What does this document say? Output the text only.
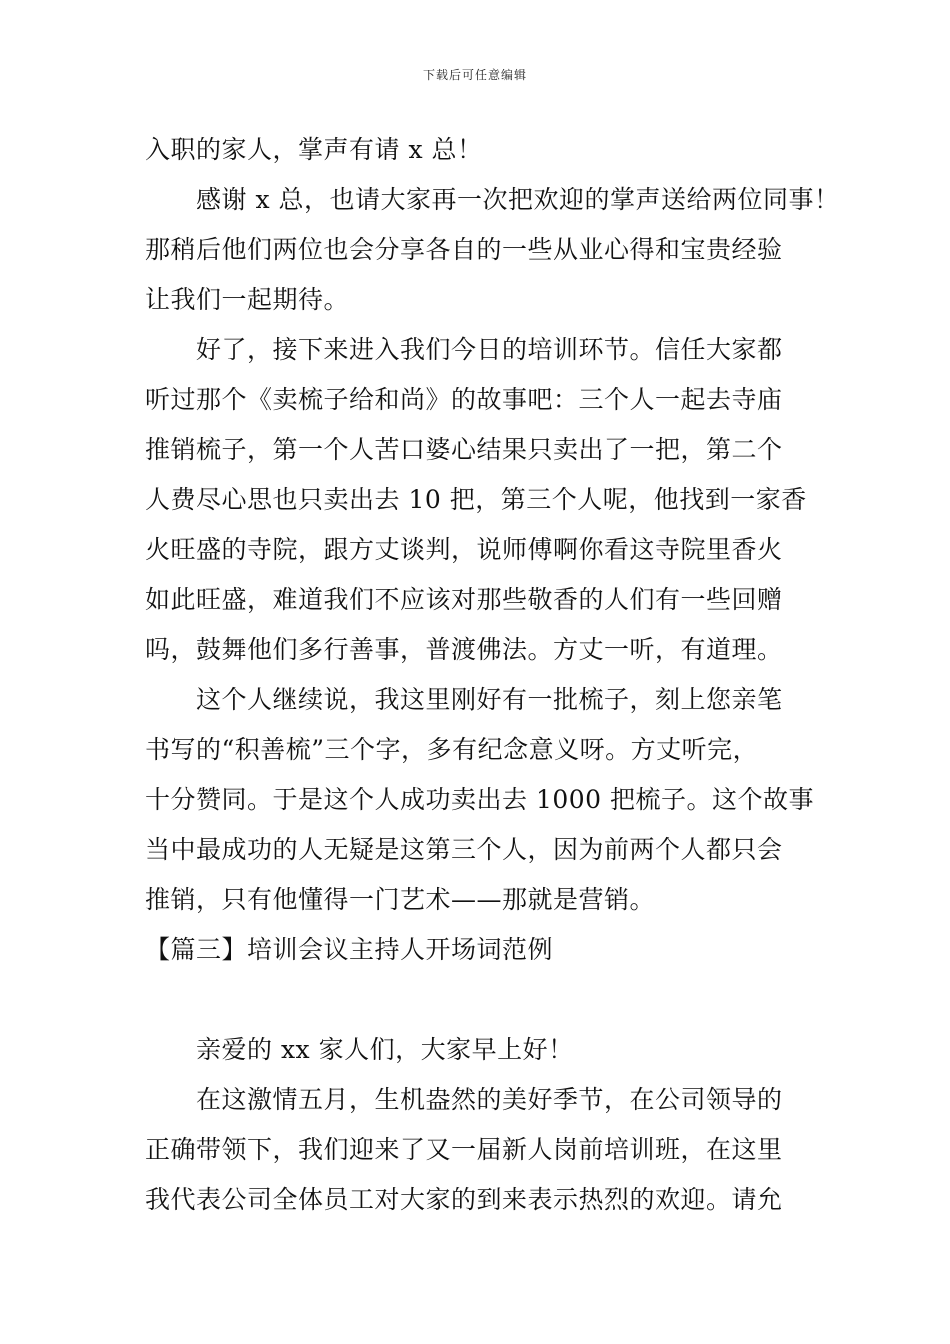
下载后可任意编辑
入职的家人，掌声有请 x 总！
感谢 x 总，也请大家再一次把欢迎的掌声送给两位同事！
那稍后他们两位也会分享各自的一些从业心得和宝贵经验
让我们一起期待。
好了，接下来进入我们今日的培训环节。信任大家都
听过那个《卖梳子给和尚》的故事吧：三个人一起去寺庙
推销梳子，第一个人苦口婆心结果只卖出了一把，第二个
人费尽心思也只卖出去 10 把，第三个人呢，他找到一家香
火旺盛的寺院，跟方丈谈判，说师傅啊你看这寺院里香火
如此旺盛，难道我们不应该对那些敬香的人们有一些回赠
吗，鼓舞他们多行善事，普渡佛法。方丈一听，有道理。
这个人继续说，我这里刚好有一批梳子，刻上您亲笔
书写的“积善梳”三个字，多有纪念意义呀。方丈听完，
十分赞同。于是这个人成功卖出去 1000 把梳子。这个故事
当中最成功的人无疑是这第三个人，因为前两个人都只会
推销，只有他懂得一门艺术——那就是营销。
【篇三】培训会议主持人开场词范例
亲爱的 xx 家人们，大家早上好！
在这激情五月，生机盎然的美好季节，在公司领导的
正确带领下，我们迎来了又一届新人岗前培训班，在这里
我代表公司全体员工对大家的到来表示热烈的欢迎。请允
